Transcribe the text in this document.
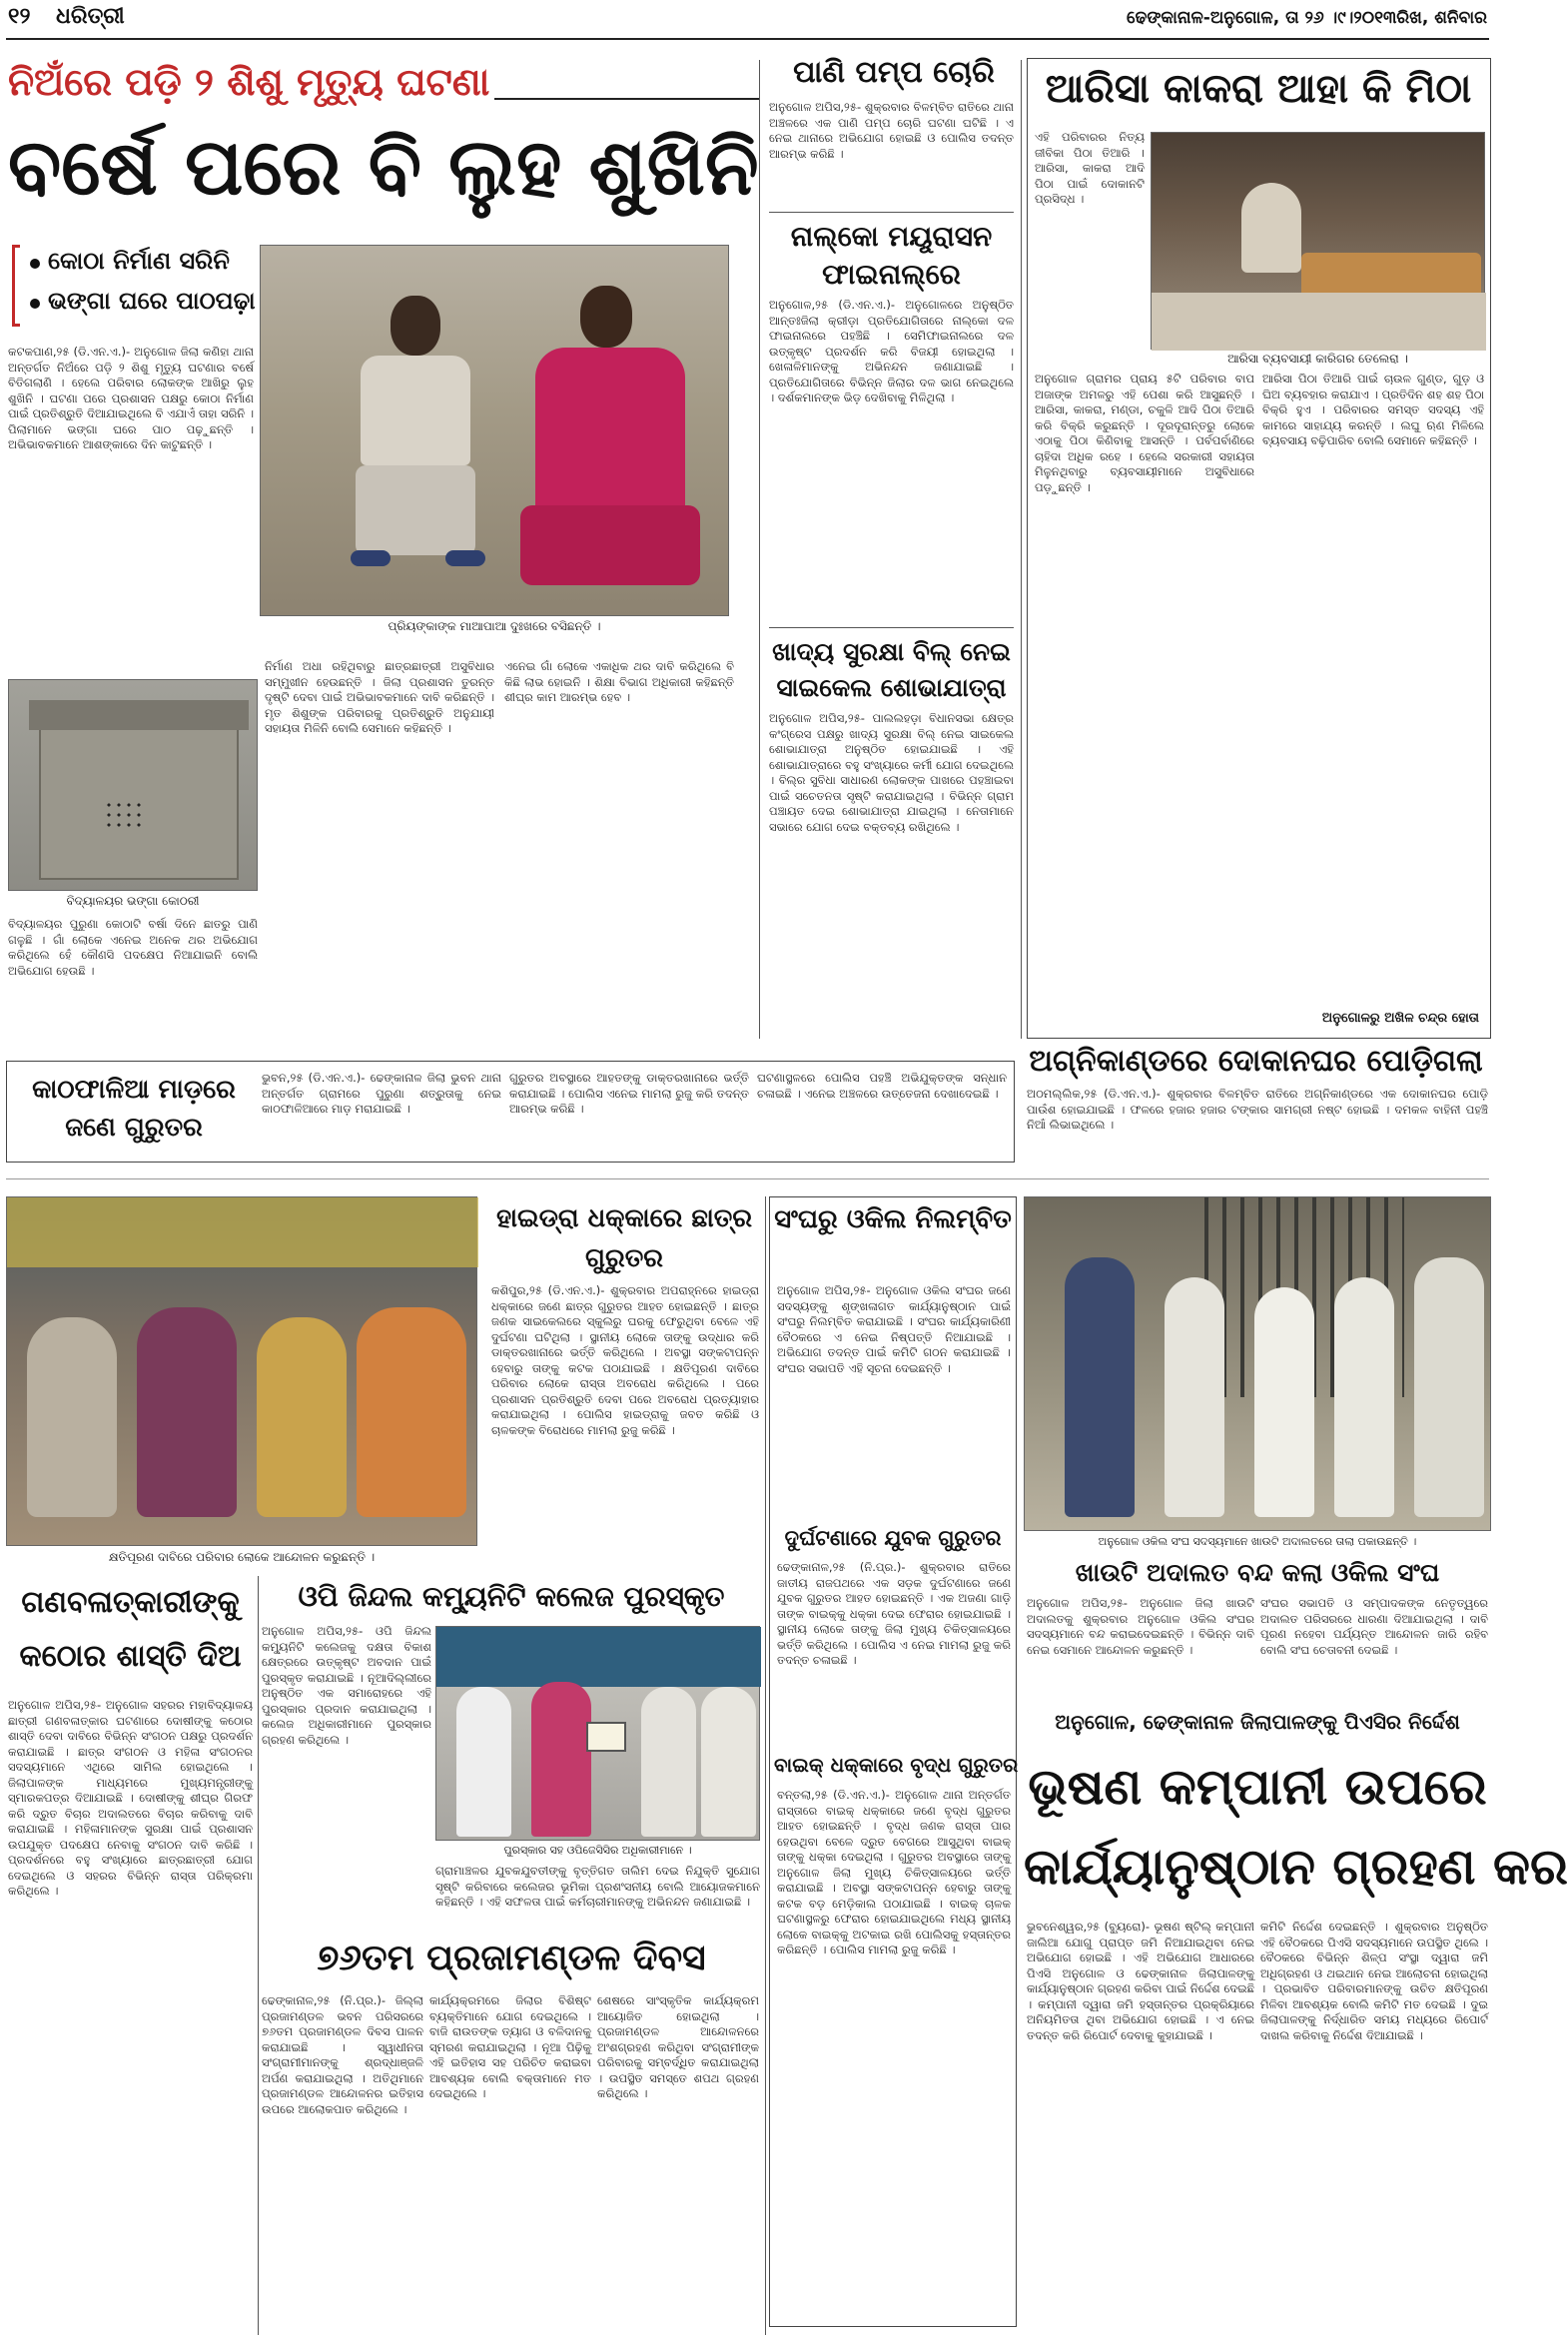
୧୨ ଧରିତ୍ରୀ	ଢେଙ୍କାନାଳ-ଅନୁଗୋଳ, ତା ୨୬ ।୯।୨୦୧୩ରିଖ, ଶନିବାର
ନିଅଁରେ ପଡ଼ି ୨ ଶିଶୁ ମୃତ୍ୟୁ ଘଟଣା
ବର୍ଷେ ପରେ ବି ଲୁହ ଶୁଖିନି
କୋଠା ନିର୍ମାଣ ସରିନି
ଭଙ୍ଗା ଘରେ ପାଠପଢ଼ା
କଟକପାଣ,୨୫ (ଡି.ଏନ.ଏ.)- ଅନୁଗୋଳ ଜିଲା କଣିହା ଥାନା ଅନ୍ତର୍ଗତ ନିଅଁରେ ପଡ଼ି ୨ ଶିଶୁ ମୃତ୍ୟୁ ଘଟଣାର ବର୍ଷେ ବିତିଗଲାଣି । ହେଲେ ପରିବାର ଲୋକଙ୍କ ଆଖିରୁ ଲୁହ ଶୁଖିନି । ଘଟଣା ପରେ ପ୍ରଶାସନ ପକ୍ଷରୁ କୋଠା ନିର୍ମାଣ ପାଇଁ ପ୍ରତିଶ୍ରୁତି ଦିଆଯାଇଥିଲେ ବି ଏଯାଏଁ ତାହା ସରିନି । ପିଲାମାନେ ଭଙ୍ଗା ଘରେ ପାଠ ପଢ଼ୁଛନ୍ତି । ଅଭିଭାବକମାନେ ଆଶଙ୍କାରେ ଦିନ କାଟୁଛନ୍ତି ।
ପ୍ରିୟଙ୍କାଙ୍କ ମାଆପାଆ ଦୁଃଖରେ ବସିଛନ୍ତି ।
ବିଦ୍ୟାଳୟର ଭଙ୍ଗା କୋଠରୀ
ବିଦ୍ୟାଳୟର ପୁରୁଣା କୋଠାଟି ବର୍ଷା ଦିନେ ଛାତରୁ ପାଣି ଗଳୁଛି । ଗାଁ ଲୋକେ ଏନେଇ ଅନେକ ଥର ଅଭିଯୋଗ କରିଥିଲେ ହେଁ କୌଣସି ପଦକ୍ଷେପ ନିଆଯାଇନି ବୋଲି ଅଭିଯୋଗ ହେଉଛି ।
ନିର୍ମାଣ ଅଧା ରହିଥିବାରୁ ଛାତ୍ରଛାତ୍ରୀ ଅସୁବିଧାର ସମ୍ମୁଖୀନ ହେଉଛନ୍ତି । ଜିଲା ପ୍ରଶାସନ ତୁରନ୍ତ ଦୃଷ୍ଟି ଦେବା ପାଇଁ ଅଭିଭାବକମାନେ ଦାବି କରିଛନ୍ତି । ମୃତ ଶିଶୁଙ୍କ ପରିବାରକୁ ପ୍ରତିଶ୍ରୁତି ଅନୁଯାୟୀ ସହାୟତା ମିଳିନି ବୋଲି ସେମାନେ କହିଛନ୍ତି ।
ଏନେଇ ଗାଁ ଲୋକେ ଏକାଧିକ ଥର ଦାବି କରିଥିଲେ ବି କିଛି ଲାଭ ହୋଇନି । ଶିକ୍ଷା ବିଭାଗ ଅଧିକାରୀ କହିଛନ୍ତି ଶୀଘ୍ର କାମ ଆରମ୍ଭ ହେବ ।
ପାଣି ପମ୍ପ ଚୋରି
ଅନୁଗୋଳ ଅପିସ,୨୫- ଶୁକ୍ରବାର ବିଳମ୍ବିତ ରାତିରେ ଥାନା ଅଞ୍ଚଳରେ ଏକ ପାଣି ପମ୍ପ ଚୋରି ଘଟଣା ଘଟିଛି । ଏ ନେଇ ଥାନାରେ ଅଭିଯୋଗ ହୋଇଛି ଓ ପୋଲିସ ତଦନ୍ତ ଆରମ୍ଭ କରିଛି ।
ନାଲ୍‌କୋ ମୟୂରାସନ ଫାଇନାଲ୍‌ରେ
ଅନୁଗୋଳ,୨୫ (ଡି.ଏନ.ଏ.)- ଅନୁଗୋଳରେ ଅନୁଷ୍ଠିତ ଆନ୍ତଃଜିଲା କ୍ରୀଡ଼ା ପ୍ରତିଯୋଗିତାରେ ନାଲ୍‌କୋ ଦଳ ଫାଇନାଲରେ ପହଞ୍ଚିଛି । ସେମିଫାଇନାଲରେ ଦଳ ଉତ୍କୃଷ୍ଟ ପ୍ରଦର୍ଶନ କରି ବିଜୟୀ ହୋଇଥିଲା । ଖେଳାଳିମାନଙ୍କୁ ଅଭିନନ୍ଦନ ଜଣାଯାଇଛି । ପ୍ରତିଯୋଗିତାରେ ବିଭିନ୍ନ ଜିଲାର ଦଳ ଭାଗ ନେଇଥିଲେ । ଦର୍ଶକମାନଙ୍କ ଭିଡ଼ ଦେଖିବାକୁ ମିଳିଥିଲା ।
ଖାଦ୍ୟ ସୁରକ୍ଷା ବିଲ୍ ନେଇ ସାଇକେଲ ଶୋଭାଯାତ୍ରା
ଅନୁଗୋଳ ଅପିସ,୨୫- ପାଲଲହଡ଼ା ବିଧାନସଭା କ୍ଷେତ୍ର କଂଗ୍ରେସ ପକ୍ଷରୁ ଖାଦ୍ୟ ସୁରକ୍ଷା ବିଲ୍ ନେଇ ସାଇକେଲ ଶୋଭାଯାତ୍ରା ଅନୁଷ୍ଠିତ ହୋଇଯାଇଛି । ଏହି ଶୋଭାଯାତ୍ରାରେ ବହୁ ସଂଖ୍ୟାରେ କର୍ମୀ ଯୋଗ ଦେଇଥିଲେ । ବିଲ୍‌ର ସୁବିଧା ସାଧାରଣ ଲୋକଙ୍କ ପାଖରେ ପହଞ୍ଚାଇବା ପାଇଁ ସଚେତନତା ସୃଷ୍ଟି କରାଯାଇଥିଲା । ବିଭିନ୍ନ ଗ୍ରାମ ପଞ୍ଚାୟତ ଦେଇ ଶୋଭାଯାତ୍ରା ଯାଇଥିଲା । ନେତାମାନେ ସଭାରେ ଯୋଗ ଦେଇ ବକ୍ତବ୍ୟ ରଖିଥିଲେ ।
ଆରିସା କାକରା ଆହା କି ମିଠା
ଏହି ପରିବାରର ନିତ୍ୟ ଜୀବିକା ପିଠା ତିଆରି । ଆରିସା, କାକରା ଆଦି ପିଠା ପାଇଁ ଦୋକାନଟି ପ୍ରସିଦ୍ଧ ।
ଆରିସା ବ୍ୟବସାୟୀ କାରିଗର ତେଲେରା ।
ଅନୁଗୋଳ ଗ୍ରାମର ପ୍ରାୟ ୫ଟି ପରିବାର ବାପ ଅଜାଙ୍କ ଅମଳରୁ ଏହି ପେଶା କରି ଆସୁଛନ୍ତି । ଆରିସା, କାକରା, ମଣ୍ଡା, ଚକୁଳି ଆଦି ପିଠା ତିଆରି କରି ବିକ୍ରି କରୁଛନ୍ତି । ଦୂରଦୂରାନ୍ତରୁ ଲୋକେ ଏଠାକୁ ପିଠା କିଣିବାକୁ ଆସନ୍ତି । ପର୍ବପର୍ବାଣିରେ ଚାହିଦା ଅଧିକ ରହେ । ହେଲେ ସରକାରୀ ସହାୟତା ମିଳୁନଥିବାରୁ ବ୍ୟବସାୟୀମାନେ ଅସୁବିଧାରେ ପଡ଼ୁଛନ୍ତି ।
ଆରିସା ପିଠା ତିଆରି ପାଇଁ ଚାଉଳ ଗୁଣ୍ଡ, ଗୁଡ଼ ଓ ଘିଅ ବ୍ୟବହାର କରାଯାଏ । ପ୍ରତିଦିନ ଶହ ଶହ ପିଠା ବିକ୍ରି ହୁଏ । ପରିବାରର ସମସ୍ତ ସଦସ୍ୟ ଏହି କାମରେ ସାହାଯ୍ୟ କରନ୍ତି । ଲଘୁ ଋଣ ମିଳିଲେ ବ୍ୟବସାୟ ବଢ଼ିପାରିବ ବୋଲି ସେମାନେ କହିଛନ୍ତି ।
ଅନୁଗୋଳରୁ ଅଖିଳ ଚନ୍ଦ୍ର ହୋତା
ଅଗ୍ନିକାଣ୍ଡରେ ଦୋକାନଘର ପୋଡ଼ିଗଲା
ଅଠମଲ୍ଲିକ,୨୫ (ଡି.ଏନ.ଏ.)- ଶୁକ୍ରବାର ବିଳମ୍ବିତ ରାତିରେ ଅଗ୍ନିକାଣ୍ଡରେ ଏକ ଦୋକାନଘର ପୋଡ଼ି ପାଉଁଶ ହୋଇଯାଇଛି । ଫଳରେ ହଜାର ହଜାର ଟଙ୍କାର ସାମଗ୍ରୀ ନଷ୍ଟ ହୋଇଛି । ଦମକଳ ବାହିନୀ ପହଞ୍ଚି ନିଆଁ ଲିଭାଇଥିଲେ ।
କାଠଫାଳିଆ ମାଡ଼ରେ ଜଣେ ଗୁରୁତର
ଭୁବନ,୨୫ (ଡି.ଏନ.ଏ.)- ଢେଙ୍କାନାଳ ଜିଲା ଭୁବନ ଥାନା ଅନ୍ତର୍ଗତ ଗ୍ରାମରେ ପୁରୁଣା ଶତ୍ରୁତାକୁ ନେଇ କାଠଫାଳିଆରେ ମାଡ଼ ମରାଯାଇଛି ।
ଗୁରୁତର ଅବସ୍ଥାରେ ଆହତଙ୍କୁ ଡାକ୍ତରଖାନାରେ ଭର୍ତ୍ତି କରାଯାଇଛି । ପୋଲିସ ଏନେଇ ମାମଲା ରୁଜୁ କରି ତଦନ୍ତ ଆରମ୍ଭ କରିଛି ।
ଘଟଣାସ୍ଥଳରେ ପୋଲିସ ପହଞ୍ଚି ଅଭିଯୁକ୍ତଙ୍କ ସନ୍ଧାନ ଚଳାଇଛି । ଏନେଇ ଅଞ୍ଚଳରେ ଉତ୍ତେଜନା ଦେଖାଦେଇଛି ।
କ୍ଷତିପୂରଣ ଦାବିରେ ପରିବାର ଲୋକେ ଆନ୍ଦୋଳନ କରୁଛନ୍ତି ।
ହାଇଡ୍ରା ଧକ୍କାରେ ଛାତ୍ର ଗୁରୁତର
କଶିପୁର,୨୫ (ଡି.ଏନ.ଏ.)- ଶୁକ୍ରବାର ଅପରାହ୍ନରେ ହାଇଡ୍ରା ଧକ୍କାରେ ଜଣେ ଛାତ୍ର ଗୁରୁତର ଆହତ ହୋଇଛନ୍ତି । ଛାତ୍ର ଜଣକ ସାଇକେଲରେ ସ୍କୁଲରୁ ଘରକୁ ଫେରୁଥିବା ବେଳେ ଏହି ଦୁର୍ଘଟଣା ଘଟିଥିଲା । ସ୍ଥାନୀୟ ଲୋକେ ତାଙ୍କୁ ଉଦ୍ଧାର କରି ଡାକ୍ତରଖାନାରେ ଭର୍ତ୍ତି କରିଥିଲେ । ଅବସ୍ଥା ସଙ୍କଟାପନ୍ନ ହେବାରୁ ତାଙ୍କୁ କଟକ ପଠାଯାଇଛି । କ୍ଷତିପୂରଣ ଦାବିରେ ପରିବାର ଲୋକେ ରାସ୍ତା ଅବରୋଧ କରିଥିଲେ । ପରେ ପ୍ରଶାସନ ପ୍ରତିଶ୍ରୁତି ଦେବା ପରେ ଅବରୋଧ ପ୍ରତ୍ୟାହାର କରାଯାଇଥିଲା । ପୋଲିସ ହାଇଡ୍ରାକୁ ଜବତ କରିଛି ଓ ଚାଳକଙ୍କ ବିରୋଧରେ ମାମଲା ରୁଜୁ କରିଛି ।
ସଂଘରୁ ଓକିଲ ନିଲମ୍ବିତ
ଅନୁଗୋଳ ଅପିସ,୨୫- ଅନୁଗୋଳ ଓକିଲ ସଂଘର ଜଣେ ସଦସ୍ୟଙ୍କୁ ଶୃଙ୍ଖଳାଗତ କାର୍ଯ୍ୟାନୁଷ୍ଠାନ ପାଇଁ ସଂଘରୁ ନିଲମ୍ବିତ କରାଯାଇଛି । ସଂଘର କାର୍ଯ୍ୟକାରିଣୀ ବୈଠକରେ ଏ ନେଇ ନିଷ୍ପତ୍ତି ନିଆଯାଇଛି । ଅଭିଯୋଗ ତଦନ୍ତ ପାଇଁ କମିଟି ଗଠନ କରାଯାଇଛି । ସଂଘର ସଭାପତି ଏହି ସୂଚନା ଦେଇଛନ୍ତି ।
ଦୁର୍ଘଟଣାରେ ଯୁବକ ଗୁରୁତର
ଢେଙ୍କାନାଳ,୨୫ (ନି.ପ୍ର.)- ଶୁକ୍ରବାର ରାତିରେ ଜାତୀୟ ରାଜପଥରେ ଏକ ସଡ଼କ ଦୁର୍ଘଟଣାରେ ଜଣେ ଯୁବକ ଗୁରୁତର ଆହତ ହୋଇଛନ୍ତି । ଏକ ଅଜଣା ଗାଡ଼ି ତାଙ୍କ ବାଇକ୍‌କୁ ଧକ୍କା ଦେଇ ଫେରାର ହୋଇଯାଇଛି । ସ୍ଥାନୀୟ ଲୋକେ ତାଙ୍କୁ ଜିଲା ମୁଖ୍ୟ ଚିକିତ୍ସାଳୟରେ ଭର୍ତ୍ତି କରିଥିଲେ । ପୋଲିସ ଏ ନେଇ ମାମଲା ରୁଜୁ କରି ତଦନ୍ତ ଚଳାଇଛି ।
ବାଇକ୍ ଧକ୍କାରେ ବୃଦ୍ଧ ଗୁରୁତର
ବନ୍ତଲା,୨୫ (ଡି.ଏନ.ଏ.)- ଅନୁଗୋଳ ଥାନା ଅନ୍ତର୍ଗତ ରାସ୍ତାରେ ବାଇକ୍ ଧକ୍କାରେ ଜଣେ ବୃଦ୍ଧ ଗୁରୁତର ଆହତ ହୋଇଛନ୍ତି । ବୃଦ୍ଧ ଜଣକ ରାସ୍ତା ପାର ହେଉଥିବା ବେଳେ ଦ୍ରୁତ ବେଗରେ ଆସୁଥିବା ବାଇକ୍ ତାଙ୍କୁ ଧକ୍କା ଦେଇଥିଲା । ଗୁରୁତର ଅବସ୍ଥାରେ ତାଙ୍କୁ ଅନୁଗୋଳ ଜିଲା ମୁଖ୍ୟ ଚିକିତ୍ସାଳୟରେ ଭର୍ତ୍ତି କରାଯାଇଛି । ଅବସ୍ଥା ସଙ୍କଟାପନ୍ନ ହେବାରୁ ତାଙ୍କୁ କଟକ ବଡ଼ ମେଡ଼ିକାଲ ପଠାଯାଇଛି । ବାଇକ୍ ଚାଳକ ଘଟଣାସ୍ଥଳରୁ ଫେରାର ହୋଇଯାଇଥିଲେ ମଧ୍ୟ ସ୍ଥାନୀୟ ଲୋକେ ବାଇକ୍‌କୁ ଅଟକାଇ ରଖି ପୋଲିସକୁ ହସ୍ତାନ୍ତର କରିଛନ୍ତି । ପୋଲିସ ମାମଲା ରୁଜୁ କରିଛି ।
ଅନୁଗୋଳ ଓକିଲ ସଂଘ ସଦସ୍ୟମାନେ ଖାଉଟି ଅଦାଲତରେ ତାଲା ପକାଉଛନ୍ତି ।
ଖାଉଟି ଅଦାଲତ ବନ୍ଦ କଲା ଓକିଲ ସଂଘ
ଅନୁଗୋଳ ଅପିସ,୨୫- ଅନୁଗୋଳ ଜିଲା ଖାଉଟି ଅଦାଲତକୁ ଶୁକ୍ରବାର ଅନୁଗୋଳ ଓକିଲ ସଂଘର ସଦସ୍ୟମାନେ ବନ୍ଦ କରାଇଦେଇଛନ୍ତି । ବିଭିନ୍ନ ଦାବି ନେଇ ସେମାନେ ଆନ୍ଦୋଳନ କରୁଛନ୍ତି ।
ସଂଘର ସଭାପତି ଓ ସମ୍ପାଦକଙ୍କ ନେତୃତ୍ୱରେ ଅଦାଲତ ପରିସରରେ ଧାରଣା ଦିଆଯାଇଥିଲା । ଦାବି ପୂରଣ ନହେବା ପର୍ଯ୍ୟନ୍ତ ଆନ୍ଦୋଳନ ଜାରି ରହିବ ବୋଲି ସଂଘ ଚେତାବନୀ ଦେଇଛି ।
ଅନୁଗୋଳ, ଢେଙ୍କାନାଳ ଜିଲାପାଳଙ୍କୁ ପିଏସିର ନିର୍ଦ୍ଦେଶ
ଭୂଷଣ କମ୍ପାନୀ ଉପରେ
କାର୍ଯ୍ୟାନୁଷ୍ଠାନ ଗ୍ରହଣ କର
ଭୁବନେଶ୍ୱର,୨୫ (ବ୍ୟୁରୋ)- ଭୂଷଣ ଷ୍ଟିଲ୍ କମ୍ପାନୀ ଜାଲିଆ ଯୋଗୁ ପ୍ରାପ୍ତ ଜମି ନିଆଯାଇଥିବା ନେଇ ଅଭିଯୋଗ ହୋଇଛି । ଏହି ଅଭିଯୋଗ ଆଧାରରେ ପିଏସି ଅନୁଗୋଳ ଓ ଢେଙ୍କାନାଳ ଜିଲାପାଳଙ୍କୁ କାର୍ଯ୍ୟାନୁଷ୍ଠାନ ଗ୍ରହଣ କରିବା ପାଇଁ ନିର୍ଦ୍ଦେଶ ଦେଇଛି । କମ୍ପାନୀ ଦ୍ୱାରା ଜମି ହସ୍ତାନ୍ତର ପ୍ରକ୍ରିୟାରେ ଅନିୟମିତତା ଥିବା ଅଭିଯୋଗ ହୋଇଛି । ଏ ନେଇ ତଦନ୍ତ କରି ରିପୋର୍ଟ ଦେବାକୁ କୁହାଯାଇଛି ।
କମିଟି ନିର୍ଦ୍ଦେଶ ଦେଇଛନ୍ତି । ଶୁକ୍ରବାର ଅନୁଷ୍ଠିତ ଏହି ବୈଠକରେ ପିଏସି ସଦସ୍ୟମାନେ ଉପସ୍ଥିତ ଥିଲେ । ବୈଠକରେ ବିଭିନ୍ନ ଶିଳ୍ପ ସଂସ୍ଥା ଦ୍ୱାରା ଜମି ଅଧିଗ୍ରହଣ ଓ ଥଇଥାନ ନେଇ ଆଲୋଚନା ହୋଇଥିଲା । ପ୍ରଭାବିତ ପରିବାରମାନଙ୍କୁ ଉଚିତ କ୍ଷତିପୂରଣ ମିଳିବା ଆବଶ୍ୟକ ବୋଲି କମିଟି ମତ ଦେଇଛି । ଦୁଇ ଜିଲାପାଳଙ୍କୁ ନିର୍ଦ୍ଧାରିତ ସମୟ ମଧ୍ୟରେ ରିପୋର୍ଟ ଦାଖଲ କରିବାକୁ ନିର୍ଦ୍ଦେଶ ଦିଆଯାଇଛି ।
ଗଣବଳାତ୍କାରୀଙ୍କୁ କଠୋର ଶାସ୍ତି ଦିଅ
ଅନୁଗୋଳ ଅପିସ,୨୫- ଅନୁଗୋଳ ସହରର ମହାବିଦ୍ୟାଳୟ ଛାତ୍ରୀ ଗଣବଳାତ୍କାର ଘଟଣାରେ ଦୋଷୀଙ୍କୁ କଠୋର ଶାସ୍ତି ଦେବା ଦାବିରେ ବିଭିନ୍ନ ସଂଗଠନ ପକ୍ଷରୁ ପ୍ରଦର୍ଶନ କରାଯାଇଛି । ଛାତ୍ର ସଂଗଠନ ଓ ମହିଳା ସଂଗଠନର ସଦସ୍ୟମାନେ ଏଥିରେ ସାମିଲ ହୋଇଥିଲେ । ଜିଲାପାଳଙ୍କ ମାଧ୍ୟମରେ ମୁଖ୍ୟମନ୍ତ୍ରୀଙ୍କୁ ସ୍ମାରକପତ୍ର ଦିଆଯାଇଛି । ଦୋଷୀଙ୍କୁ ଶୀଘ୍ର ଗିରଫ କରି ଦ୍ରୁତ ବିଚାର ଅଦାଲତରେ ବିଚାର କରିବାକୁ ଦାବି କରାଯାଇଛି । ମହିଳାମାନଙ୍କ ସୁରକ୍ଷା ପାଇଁ ପ୍ରଶାସନ ଉପଯୁକ୍ତ ପଦକ୍ଷେପ ନେବାକୁ ସଂଗଠନ ଦାବି କରିଛି । ପ୍ରଦର୍ଶନରେ ବହୁ ସଂଖ୍ୟାରେ ଛାତ୍ରଛାତ୍ରୀ ଯୋଗ ଦେଇଥିଲେ ଓ ସହରର ବିଭିନ୍ନ ରାସ୍ତା ପରିକ୍ରମା କରିଥିଲେ ।
ଓପି ଜିନ୍ଦଲ କମ୍ୟୁନିଟି କଲେଜ ପୁରସ୍କୃତ
ଅନୁଗୋଳ ଅପିସ,୨୫- ଓପି ଜିନ୍ଦଲ କମ୍ୟୁନିଟି କଲେଜକୁ ଦକ୍ଷତା ବିକାଶ କ୍ଷେତ୍ରରେ ଉତ୍କୃଷ୍ଟ ଅବଦାନ ପାଇଁ ପୁରସ୍କୃତ କରାଯାଇଛି । ନୂଆଦିଲ୍ଲୀରେ ଅନୁଷ୍ଠିତ ଏକ ସମାରୋହରେ ଏହି ପୁରସ୍କାର ପ୍ରଦାନ କରାଯାଇଥିଲା । କଲେଜ ଅଧିକାରୀମାନେ ପୁରସ୍କାର ଗ୍ରହଣ କରିଥିଲେ ।
ପୁରସ୍କାର ସହ ଓପିଜେସିସିର ଅଧିକାରୀମାନେ ।
ଗ୍ରାମାଞ୍ଚଳର ଯୁବକଯୁବତୀଙ୍କୁ ବୃତ୍ତିଗତ ତାଲିମ ଦେଇ ନିଯୁକ୍ତି ସୁଯୋଗ ସୃଷ୍ଟି କରିବାରେ କଲେଜର ଭୂମିକା ପ୍ରଶଂସନୀୟ ବୋଲି ଆୟୋଜକମାନେ କହିଛନ୍ତି । ଏହି ସଫଳତା ପାଇଁ କର୍ମଚାରୀମାନଙ୍କୁ ଅଭିନନ୍ଦନ ଜଣାଯାଇଛି ।
୭୬ତମ ପ୍ରଜାମଣ୍ଡଳ ଦିବସ
ଢେଙ୍କାନାଳ,୨୫ (ନି.ପ୍ର.)- ଜିଲ୍ଲା ପ୍ରଜାମଣ୍ଡଳ ଭବନ ପରିସରରେ ୭୬ତମ ପ୍ରଜାମଣ୍ଡଳ ଦିବସ ପାଳନ କରାଯାଇଛି । ସ୍ୱାଧୀନତା ସଂଗ୍ରାମୀମାନଙ୍କୁ ଶ୍ରଦ୍ଧାଞ୍ଜଳି ଅର୍ପଣ କରାଯାଇଥିଲା । ଅତିଥିମାନେ ପ୍ରଜାମଣ୍ଡଳ ଆନ୍ଦୋଳନର ଇତିହାସ ଉପରେ ଆଲୋକପାତ କରିଥିଲେ ।
କାର୍ଯ୍ୟକ୍ରମରେ ଜିଲାର ବିଶିଷ୍ଟ ବ୍ୟକ୍ତିମାନେ ଯୋଗ ଦେଇଥିଲେ । ବାଜି ରାଉତଙ୍କ ତ୍ୟାଗ ଓ ବଳିଦାନକୁ ସ୍ମରଣ କରାଯାଇଥିଲା । ନୂଆ ପିଢ଼ିକୁ ଏହି ଇତିହାସ ସହ ପରିଚିତ କରାଇବା ଆବଶ୍ୟକ ବୋଲି ବକ୍ତାମାନେ ମତ ଦେଇଥିଲେ ।
ଶେଷରେ ସାଂସ୍କୃତିକ କାର୍ଯ୍ୟକ୍ରମ ଆୟୋଜିତ ହୋଇଥିଲା । ପ୍ରଜାମଣ୍ଡଳ ଆନ୍ଦୋଳନରେ ଅଂଶଗ୍ରହଣ କରିଥିବା ସଂଗ୍ରାମୀଙ୍କ ପରିବାରକୁ ସମ୍ବର୍ଦ୍ଧିତ କରାଯାଇଥିଲା । ଉପସ୍ଥିତ ସମସ୍ତେ ଶପଥ ଗ୍ରହଣ କରିଥିଲେ ।
